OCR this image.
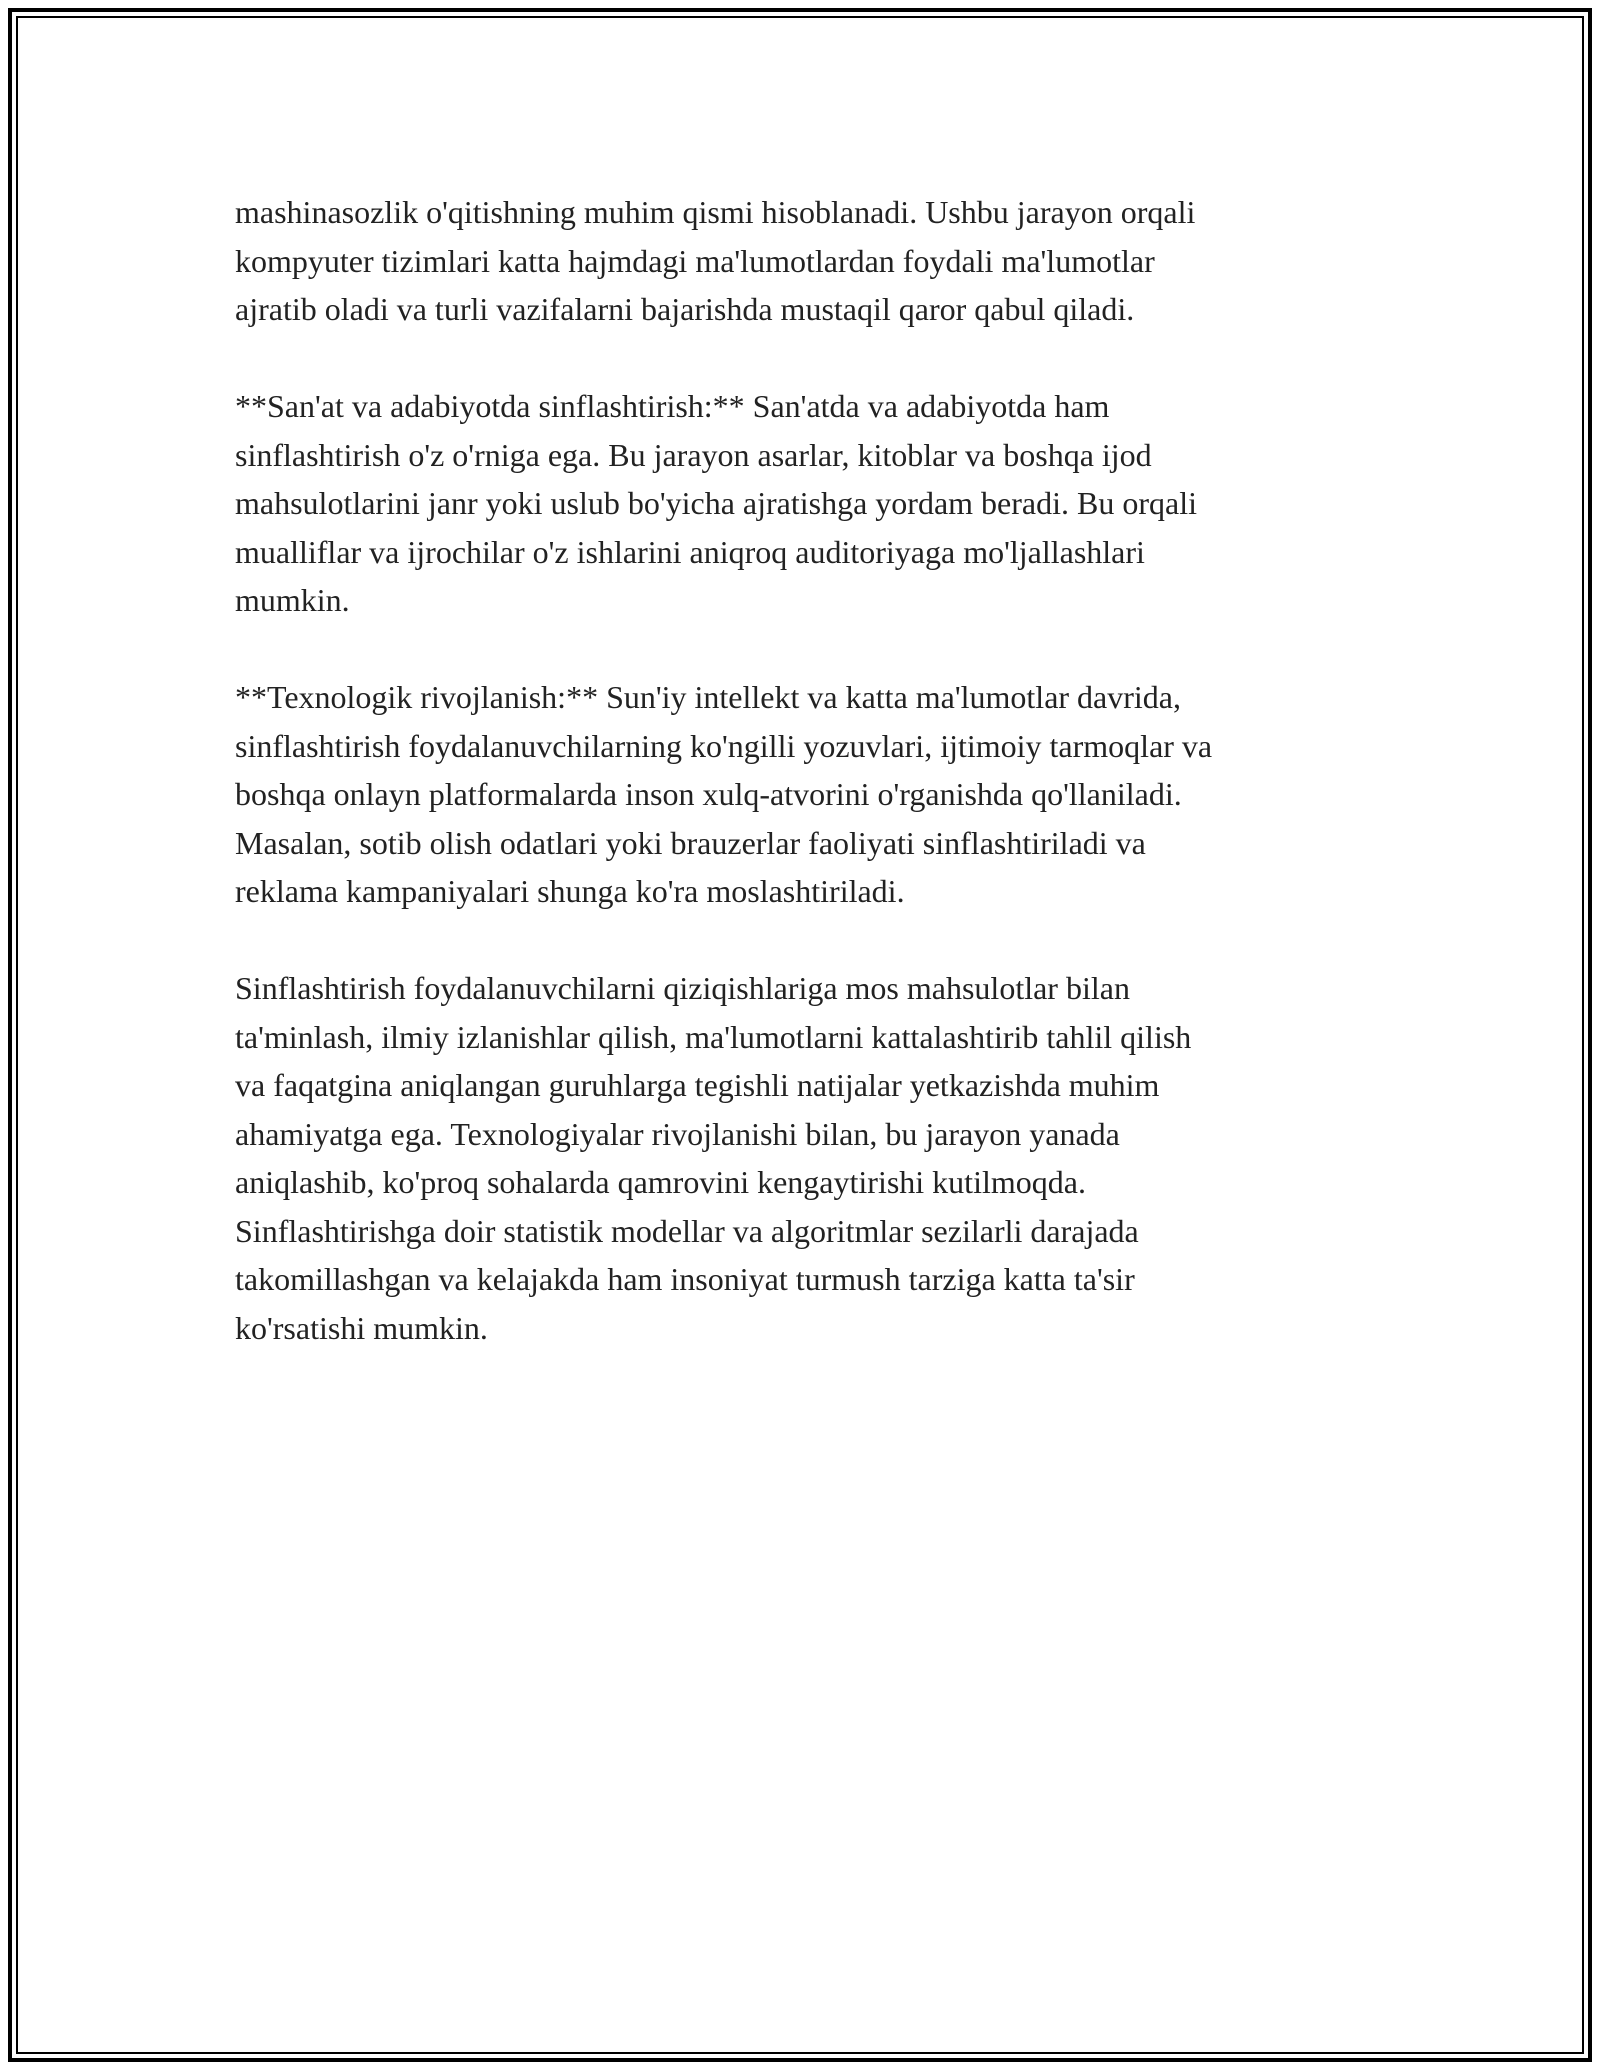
mashinasozlik o'qitishning muhim qismi hisoblanadi. Ushbu jarayon orqali
kompyuter tizimlari katta hajmdagi ma'lumotlardan foydali ma'lumotlar
ajratib oladi va turli vazifalarni bajarishda mustaqil qaror qabul qiladi.

**San'at va adabiyotda sinflashtirish:** San'atda va adabiyotda ham
sinflashtirish o'z o'rniga ega. Bu jarayon asarlar, kitoblar va boshqa ijod
mahsulotlarini janr yoki uslub bo'yicha ajratishga yordam beradi. Bu orqali
mualliflar va ijrochilar o'z ishlarini aniqroq auditoriyaga mo'ljallashlari
mumkin.

**Texnologik rivojlanish:** Sun'iy intellekt va katta ma'lumotlar davrida,
sinflashtirish foydalanuvchilarning ko'ngilli yozuvlari, ijtimoiy tarmoqlar va
boshqa onlayn platformalarda inson xulq-atvorini o'rganishda qo'llaniladi.
Masalan, sotib olish odatlari yoki brauzerlar faoliyati sinflashtiriladi va
reklama kampaniyalari shunga ko'ra moslashtiriladi.

Sinflashtirish foydalanuvchilarni qiziqishlariga mos mahsulotlar bilan
ta'minlash, ilmiy izlanishlar qilish, ma'lumotlarni kattalashtirib tahlil qilish
va faqatgina aniqlangan guruhlarga tegishli natijalar yetkazishda muhim
ahamiyatga ega. Texnologiyalar rivojlanishi bilan, bu jarayon yanada
aniqlashib, ko'proq sohalarda qamrovini kengaytirishi kutilmoqda.
Sinflashtirishga doir statistik modellar va algoritmlar sezilarli darajada
takomillashgan va kelajakda ham insoniyat turmush tarziga katta ta'sir
ko'rsatishi mumkin.
